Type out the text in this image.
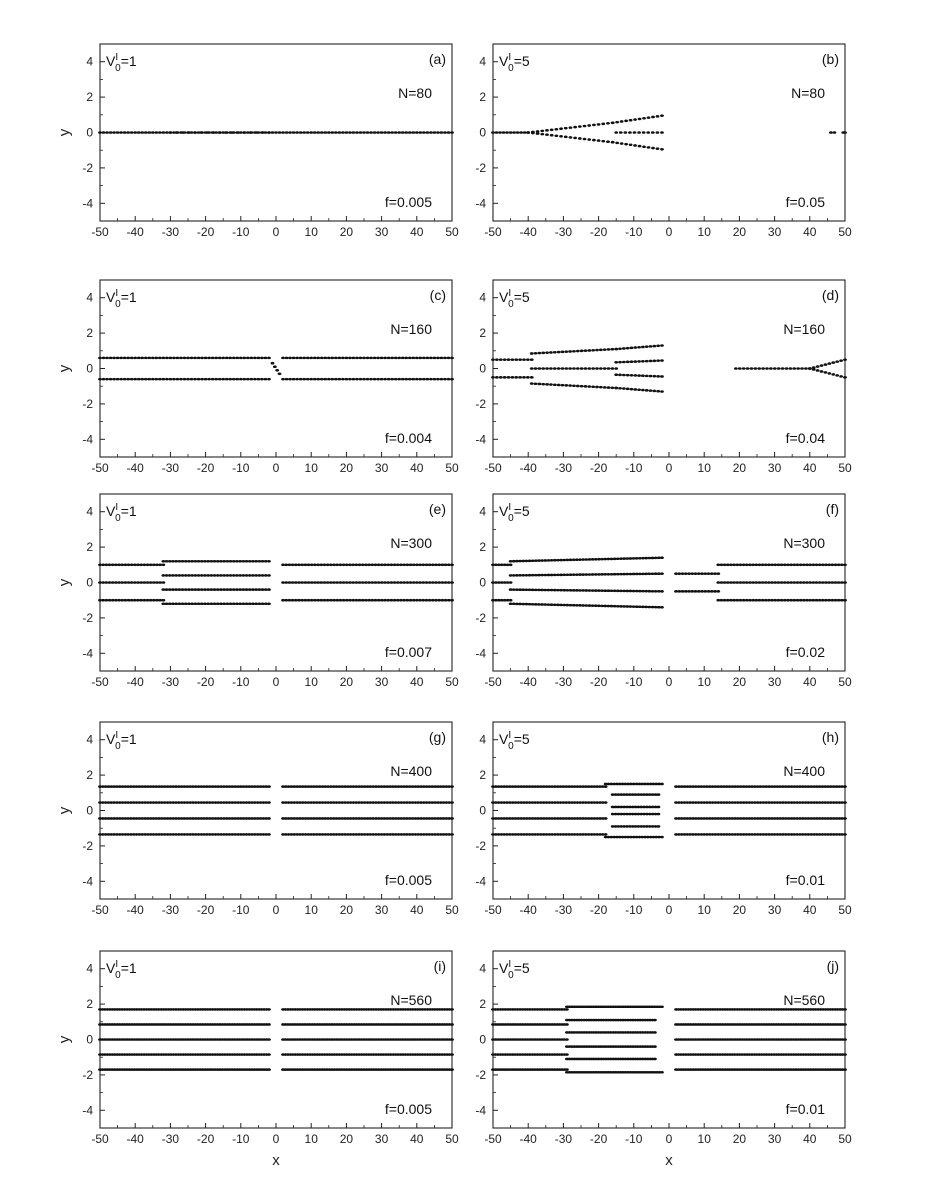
-50 -40 -30 -20 -10 0 10 20 30 40 50
4
2
0
-2
-4
y
$V^I$ 0=1	(a)
N=80
f=0.005
-50 -40 -30 -20 -10 0 10 20 30 40 50
4
2
0
-2
-4
$V^I$ 0=5	(b)
N=80
f=0.05
-50 -40 -30 -20 -10 0 10 20 30 40 50
4
2
0
-2
-4
y
$V^I$ 0=1	(c)
N=160
f=0.004
-50 -40 -30 -20 -10 0 10 20 30 40 50
4
2
0
-2
-4
$V^I$ 0=5	(d)
N=160
f=0.04
-50 -40 -30 -20 -10 0 10 20 30 40 50
4
2
0
-2
-4
y
$V^I$ 0=1	(e)
N=300
f=0.007
-50 -40 -30 -20 -10 0 10 20 30 40 50
4
2
0
-2
-4
$V^I$ 0=5	(f)
N=300
f=0.02
-50 -40 -30 -20 -10 0 10 20 30 40 50
4
2
0
-2
-4
y
$V^I$ 0=1	(g)
N=400
f=0.005
-50 -40 -30 -20 -10 0 10 20 30 40 50
4
2
0
-2
-4
$V^I$ 0=5	(h)
N=400
f=0.01
-50 -40 -30 -20 -10 0 10 20 30 40 50
4
2
0
-2
-4
y
x
$V^I$ 0=1	(i)
N=560
f=0.005
-50 -40 -30 -20 -10 0 10 20 30 40 50
4
2
0
-2
-4
x
$V^I$ 0=5	(j)
N=560
f=0.01
